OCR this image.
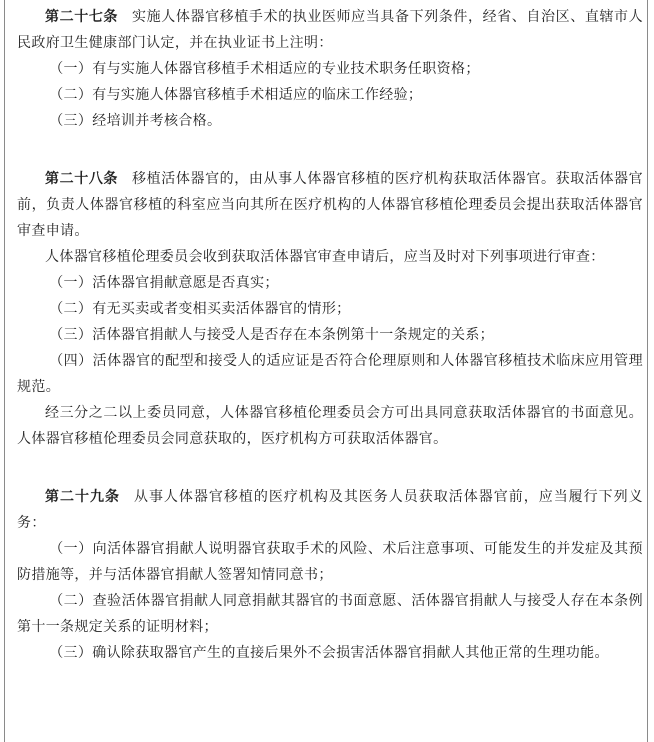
第二十七条 实施人体器官移植手术的执业医师应当具备下列条件，经省、自治区、直辖市人民政府卫生健康部门认定，并在执业证书上注明：

（一）有与实施人体器官移植手术相适应的专业技术职务任职资格；

（二）有与实施人体器官移植手术相适应的临床工作经验；

（三）经培训并考核合格。

第二十八条 移植活体器官的，由从事人体器官移植的医疗机构获取活体器官。获取活体器官前，负责人体器官移植的科室应当向其所在医疗机构的人体器官移植伦理委员会提出获取活体器官审查申请。

人体器官移植伦理委员会收到获取活体器官审查申请后，应当及时对下列事项进行审查：

（一）活体器官捐献意愿是否真实；

（二）有无买卖或者变相买卖活体器官的情形；

（三）活体器官捐献人与接受人是否存在本条例第十一条规定的关系；

（四）活体器官的配型和接受人的适应证是否符合伦理原则和人体器官移植技术临床应用管理规范。

经三分之二以上委员同意，人体器官移植伦理委员会方可出具同意获取活体器官的书面意见。人体器官移植伦理委员会同意获取的，医疗机构方可获取活体器官。

第二十九条 从事人体器官移植的医疗机构及其医务人员获取活体器官前，应当履行下列义务：

（一）向活体器官捐献人说明器官获取手术的风险、术后注意事项、可能发生的并发症及其预防措施等，并与活体器官捐献人签署知情同意书；

（二）查验活体器官捐献人同意捐献其器官的书面意愿、活体器官捐献人与接受人存在本条例第十一条规定关系的证明材料；

（三）确认除获取器官产生的直接后果外不会损害活体器官捐献人其他正常的生理功能。
